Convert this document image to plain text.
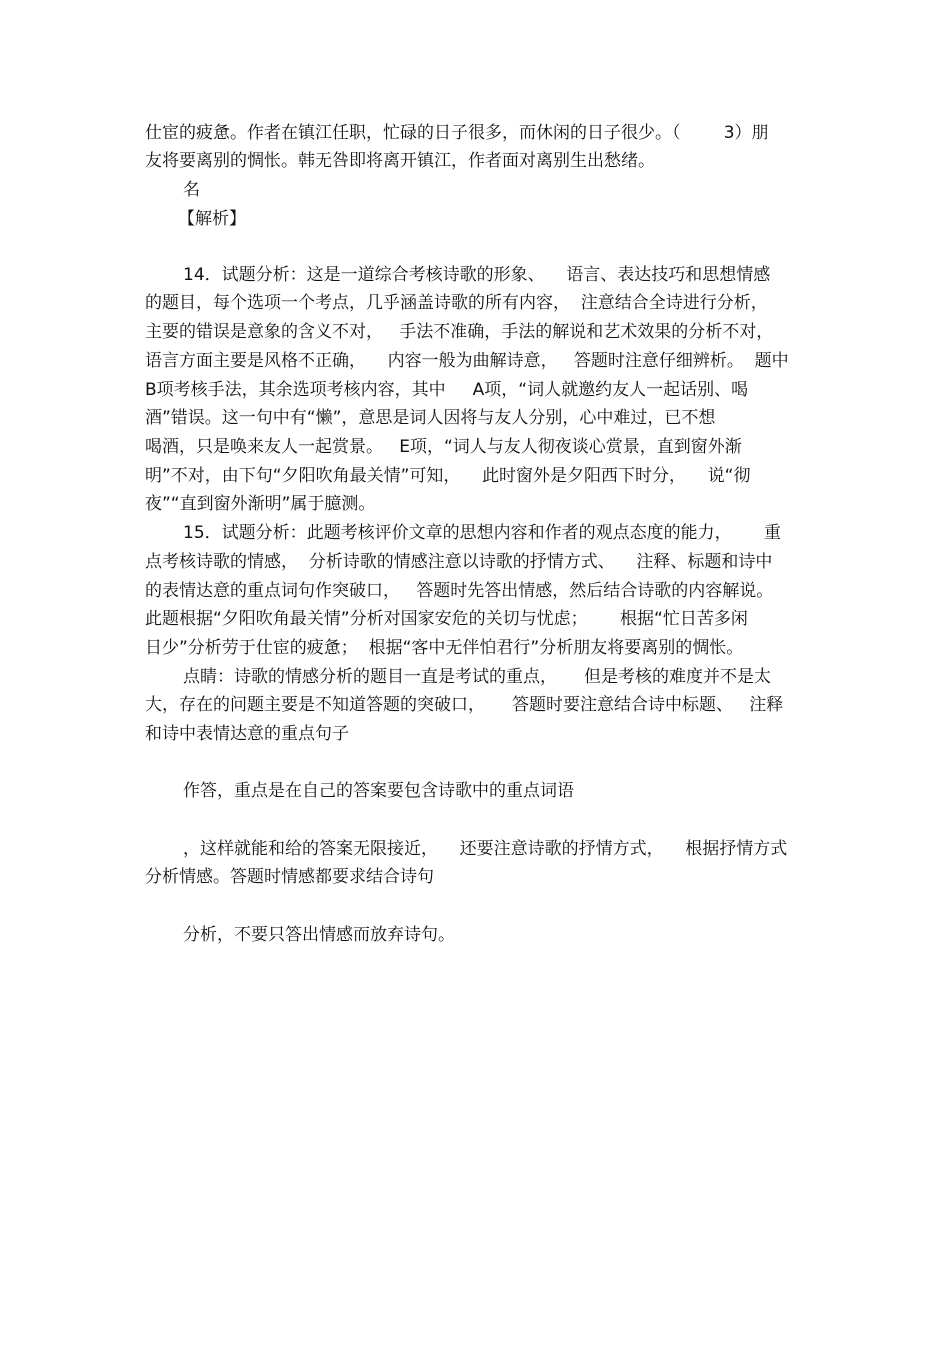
仕宦的疲惫。作者在镇江任职，忙碌的日子很多，而休闲的日子很少。（        3）朋
友将要离别的惆怅。韩无咎即将离开镇江，作者面对离别生出愁绪。
名
【解析】
14．试题分析：这是一道综合考核诗歌的形象、    语言、表达技巧和思想情感
的题目，每个选项一个考点，几乎涵盖诗歌的所有内容，  注意结合全诗进行分析，
主要的错误是意象的含义不对，   手法不准确，手法的解说和艺术效果的分析不对，
语言方面主要是风格不正确，    内容一般为曲解诗意，   答题时注意仔细辨析。  题中
B项考核手法，其余选项考核内容，其中     A项，“词人就邀约友人一起话别、喝
酒”错误。这一句中有“懒”，意思是词人因将与友人分别，心中难过，已不想
喝酒，只是唤来友人一起赏景。   E项，“词人与友人彻夜谈心赏景，直到窗外渐
明”不对，由下句“夕阳吹角最关情”可知，    此时窗外是夕阳西下时分，    说“彻
夜”“直到窗外渐明”属于臆测。
15．试题分析：此题考核评价文章的思想内容和作者的观点态度的能力，      重
点考核诗歌的情感，  分析诗歌的情感注意以诗歌的抒情方式、    注释、标题和诗中
的表情达意的重点词句作突破口，   答题时先答出情感，然后结合诗歌的内容解说。
此题根据“夕阳吹角最关情”分析对国家安危的关切与忧虑；      根据“忙日苦多闲
日少”分析劳于仕宦的疲惫；  根据“客中无伴怕君行”分析朋友将要离别的惆怅。
点睛：诗歌的情感分析的题目一直是考试的重点，     但是考核的难度并不是太
大，存在的问题主要是不知道答题的突破口，     答题时要注意结合诗中标题、   注释
和诗中表情达意的重点句子
作答，重点是在自己的答案要包含诗歌中的重点词语
，这样就能和给的答案无限接近，    还要注意诗歌的抒情方式，    根据抒情方式
分析情感。答题时情感都要求结合诗句
分析，不要只答出情感而放弃诗句。
